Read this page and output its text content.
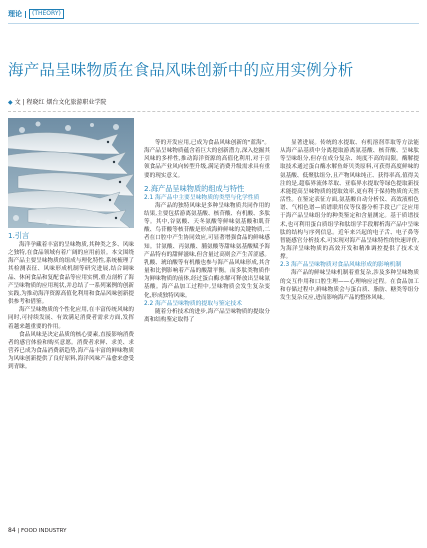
理论	(THEORY)
海产品呈味物质在食品风味创新中的应用实例分析
◆ 文 | 程晓红 烟台文化旅游职业学院

1.引言

海洋孕藏着丰富的呈味物质,其种类之多、风味之独特,在食品领域有着广阔的应用前景。本文围绕海产品主要呈味物质的组成与理化特性,系统梳理了其检测表征、风味形成机制等研究进展,结合调味品、休闲食品和复配食品等应用实例,重点剖析了海产呈味物质的应用现状,并总结了一系列案例的创新实践,为推动海洋资源高值化利用和食品风味创新提供参考和借鉴。

海产呈味物质的个性化应用,在丰富传统风味的同时,可持续发展、有效满足消费者需求方面,发挥着越来越重要的作用。

食品风味是决定品质的核心要素,直接影响消费者的感官体验和购买意愿。消费者求鲜、求美、求营养已成为食品消费新趋势,海产品丰富的鲜味物质为风味创新提供了良好原料,海洋风味产品愈来愈受到青睐。

等的开发应用,已成为食品风味创新的"蓝海"。海产品呈味物质蕴含着巨大的创新潜力,深入挖掘其风味的多样性,推动海洋资源的高值化利用,对于引领食品产业风向转型升级,满足消费升级需求具有重要的现实意义。

2.海产品呈味物质的组成与特性

2.1 海产品中主要呈味物质的类型与化学性质

海产品的独特风味是多种呈味物质共同作用的结果,主要包括游离氨基酸、核苷酸、有机酸、多肽等。其中,谷氨酸、天冬氨酸等鲜味氨基酸和肌苷酸、鸟苷酸等核苷酸是形成海鲜鲜味的关键物质,二者在口腔中产生协同效应,可显著增强食品的鲜味感知。甘氨酸、丙氨酸、脯氨酸等甜味氨基酸赋予海产品特有的甜鲜滋味,但含量过高则会产生苦涩感。乳酸、琥珀酸等有机酸也参与海产品风味形成,其含量和比例影响着产品的酸甜平衡。而多肽类物质作为鲜味物质的前体,经过蛋白酶水解可释放出呈味氨基酸。海产品加工过程中,呈味物质会发生复杂变化,形成独特风味。

2.2 海产品呈味物质的提取与鉴定技术

随着分析技术的进步,海产品呈味物质的提取分离和结构鉴定取得了

显著进展。传统的水提取、有机溶剂萃取等方法能从海产品基质中分离提取游离氨基酸、核苷酸、呈味肽等呈味组分,但存在成分复杂、纯度不高的局限。酶解提取技术通过蛋白酶水解鱼虾贝类原料,可获得高度鲜味的氨基酸、低聚肽组分,且产物风味纯正、获得率高,值得关注的是,超临界流体萃取、亚临界水提取等绿色提取新技术能提高呈味物质的提取效率,更有利于保持物质的天然活性。在鉴定表征方面,氨基酸自动分析仪、高效液相色谱、气相色谱—质谱联用仪等仪器分析手段已广泛应用于海产品呈味组分的种类鉴定和含量测定。基于质谱技术,也可利用蛋白质组学和肽组学手段解析海产品中呈味肽的结构与序列信息。近年来兴起的电子舌、电子鼻等智能感官分析技术,可实现对海产品呈味特性的快速评价,为海洋呈味物质的高效开发和精准调控提供了技术支撑。

2.3 海产品呈味物质对食品风味形成的影响机制

海产品的鲜味呈味机制着重复杂,涉及多种呈味物质的交互作用和口腔生理——心理响应过程。在食品加工和存储过程中,鲜味物质会与蛋白质、脂肪、糖类等组分发生复杂反应,进而影响海产品的整体风味。

84 | FOOD INDUSTRY
